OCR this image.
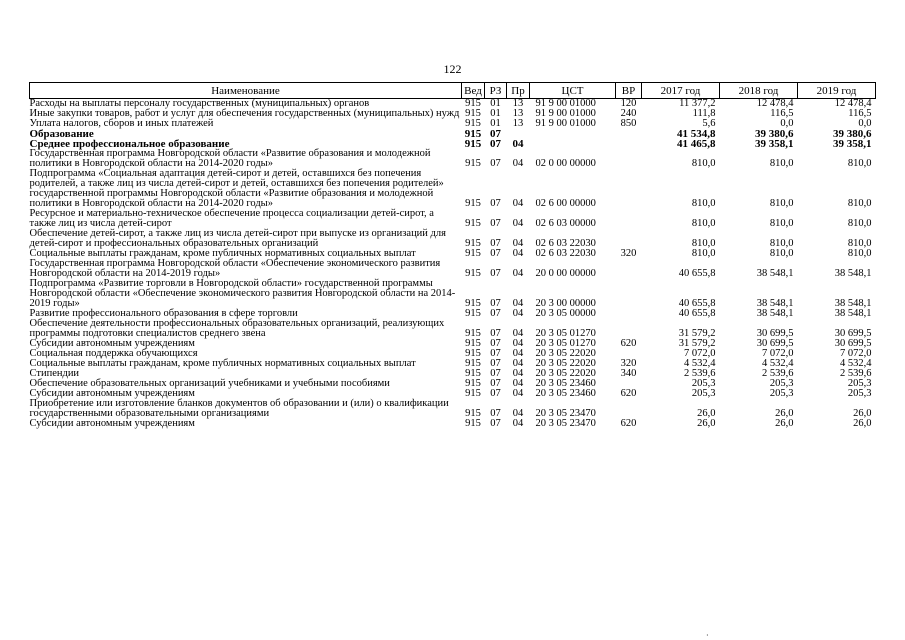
122
Наименование	Вед	РЗ	Пр	ЦСТ	ВР	2017 год	2018 год	2019 год
Расходы на выплаты персоналу государственных (муниципальных) органов	915	01	13	91 9 00 01000	120	11 377,2	12 478,4	12 478,4
Иные закупки товаров, работ и услуг для обеспечения государственных (муниципальных) нужд	915	01	13	91 9 00 01000	240	111,8	116,5	116,5
Уплата налогов, сборов и иных платежей	915	01	13	91 9 00 01000	850	5,6	0,0	0,0
Образование	915	07				41 534,8	39 380,6	39 380,6
Среднее профессиональное образование	915	07	04			41 465,8	39 358,1	39 358,1
Государственная программа Новгородской области «Развитие образования и молодежной политики в Новгородской области на 2014-2020 годы»	915	07	04	02 0 00 00000		810,0	810,0	810,0
Подпрограмма «Социальная адаптация детей-сирот и детей, оставшихся без попечения родителей, а также лиц из числа детей-сирот и детей, оставшихся без попечения родителей» государственной программы Новгородской области «Развитие образования и молодежной политики в Новгородской области на 2014-2020 годы»	915	07	04	02 6 00 00000		810,0	810,0	810,0
Ресурсное и материально-техническое обеспечение процесса социализации детей-сирот, а также лиц из числа детей-сирот	915	07	04	02 6 03 00000		810,0	810,0	810,0
Обеспечение детей-сирот, а также лиц из числа детей-сирот при выпуске из организаций для детей-сирот и профессиональных образовательных организаций	915	07	04	02 6 03 22030		810,0	810,0	810,0
Социальные выплаты гражданам, кроме публичных нормативных социальных выплат	915	07	04	02 6 03 22030	320	810,0	810,0	810,0
Государственная программа Новгородской области «Обеспечение экономического развития Новгородской области на 2014-2019 годы»	915	07	04	20 0 00 00000		40 655,8	38 548,1	38 548,1
Подпрограмма «Развитие торговли в Новгородской области» государственной программы Новгородской области «Обеспечение экономического развития Новгородской области на 2014-2019 годы»	915	07	04	20 3 00 00000		40 655,8	38 548,1	38 548,1
Развитие профессионального образования в сфере торговли	915	07	04	20 3 05 00000		40 655,8	38 548,1	38 548,1
Обеспечение деятельности профессиональных образовательных организаций, реализующих программы подготовки специалистов среднего звена	915	07	04	20 3 05 01270		31 579,2	30 699,5	30 699,5
Субсидии автономным учреждениям	915	07	04	20 3 05 01270	620	31 579,2	30 699,5	30 699,5
Социальная поддержка обучающихся	915	07	04	20 3 05 22020		7 072,0	7 072,0	7 072,0
Социальные выплаты гражданам, кроме публичных нормативных социальных выплат	915	07	04	20 3 05 22020	320	4 532,4	4 532,4	4 532,4
Стипендии	915	07	04	20 3 05 22020	340	2 539,6	2 539,6	2 539,6
Обеспечение образовательных организаций учебниками и учебными пособиями	915	07	04	20 3 05 23460		205,3	205,3	205,3
Субсидии автономным учреждениям	915	07	04	20 3 05 23460	620	205,3	205,3	205,3
Приобретение или изготовление бланков документов об образовании и (или) о квалификации государственными образовательными организациями	915	07	04	20 3 05 23470		26,0	26,0	26,0
Субсидии автономным учреждениям	915	07	04	20 3 05 23470	620	26,0	26,0	26,0
·
